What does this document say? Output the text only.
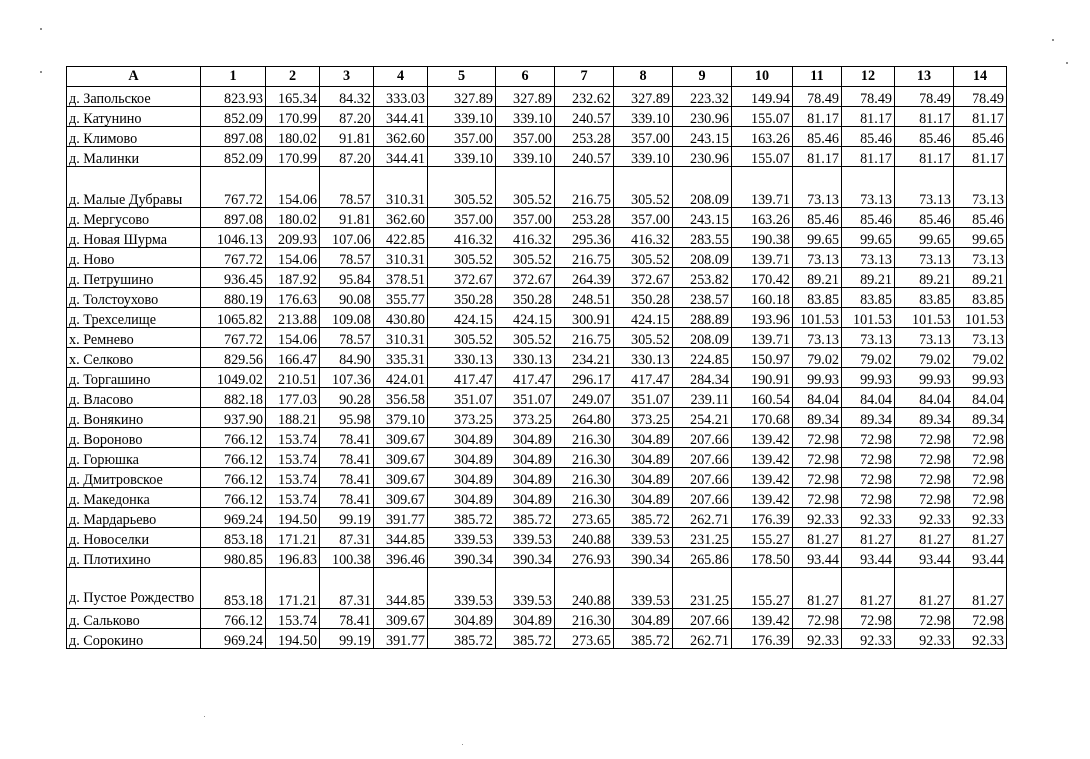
А	1	2	3	4	5	6	7	8	9	10	11	12	13	14
д. Запольское	823.93	165.34	84.32	333.03	327.89	327.89	232.62	327.89	223.32	149.94	78.49	78.49	78.49	78.49
д. Катунино	852.09	170.99	87.20	344.41	339.10	339.10	240.57	339.10	230.96	155.07	81.17	81.17	81.17	81.17
д. Климово	897.08	180.02	91.81	362.60	357.00	357.00	253.28	357.00	243.15	163.26	85.46	85.46	85.46	85.46
д. Малинки	852.09	170.99	87.20	344.41	339.10	339.10	240.57	339.10	230.96	155.07	81.17	81.17	81.17	81.17
д. Малые Дубравы	767.72	154.06	78.57	310.31	305.52	305.52	216.75	305.52	208.09	139.71	73.13	73.13	73.13	73.13
д. Мергусово	897.08	180.02	91.81	362.60	357.00	357.00	253.28	357.00	243.15	163.26	85.46	85.46	85.46	85.46
д. Новая Шурма	1046.13	209.93	107.06	422.85	416.32	416.32	295.36	416.32	283.55	190.38	99.65	99.65	99.65	99.65
д. Ново	767.72	154.06	78.57	310.31	305.52	305.52	216.75	305.52	208.09	139.71	73.13	73.13	73.13	73.13
д. Петрушино	936.45	187.92	95.84	378.51	372.67	372.67	264.39	372.67	253.82	170.42	89.21	89.21	89.21	89.21
д. Толстоухово	880.19	176.63	90.08	355.77	350.28	350.28	248.51	350.28	238.57	160.18	83.85	83.85	83.85	83.85
д. Трехселище	1065.82	213.88	109.08	430.80	424.15	424.15	300.91	424.15	288.89	193.96	101.53	101.53	101.53	101.53
х. Ремнево	767.72	154.06	78.57	310.31	305.52	305.52	216.75	305.52	208.09	139.71	73.13	73.13	73.13	73.13
х. Селково	829.56	166.47	84.90	335.31	330.13	330.13	234.21	330.13	224.85	150.97	79.02	79.02	79.02	79.02
д. Торгашино	1049.02	210.51	107.36	424.01	417.47	417.47	296.17	417.47	284.34	190.91	99.93	99.93	99.93	99.93
д. Власово	882.18	177.03	90.28	356.58	351.07	351.07	249.07	351.07	239.11	160.54	84.04	84.04	84.04	84.04
д. Вонякино	937.90	188.21	95.98	379.10	373.25	373.25	264.80	373.25	254.21	170.68	89.34	89.34	89.34	89.34
д. Вороново	766.12	153.74	78.41	309.67	304.89	304.89	216.30	304.89	207.66	139.42	72.98	72.98	72.98	72.98
д. Горюшка	766.12	153.74	78.41	309.67	304.89	304.89	216.30	304.89	207.66	139.42	72.98	72.98	72.98	72.98
д. Дмитровское	766.12	153.74	78.41	309.67	304.89	304.89	216.30	304.89	207.66	139.42	72.98	72.98	72.98	72.98
д. Македонка	766.12	153.74	78.41	309.67	304.89	304.89	216.30	304.89	207.66	139.42	72.98	72.98	72.98	72.98
д. Мардарьево	969.24	194.50	99.19	391.77	385.72	385.72	273.65	385.72	262.71	176.39	92.33	92.33	92.33	92.33
д. Новоселки	853.18	171.21	87.31	344.85	339.53	339.53	240.88	339.53	231.25	155.27	81.27	81.27	81.27	81.27
д. Плотихино	980.85	196.83	100.38	396.46	390.34	390.34	276.93	390.34	265.86	178.50	93.44	93.44	93.44	93.44
д. Пустое Рождество	853.18	171.21	87.31	344.85	339.53	339.53	240.88	339.53	231.25	155.27	81.27	81.27	81.27	81.27
д. Сальково	766.12	153.74	78.41	309.67	304.89	304.89	216.30	304.89	207.66	139.42	72.98	72.98	72.98	72.98
д. Сорокино	969.24	194.50	99.19	391.77	385.72	385.72	273.65	385.72	262.71	176.39	92.33	92.33	92.33	92.33
